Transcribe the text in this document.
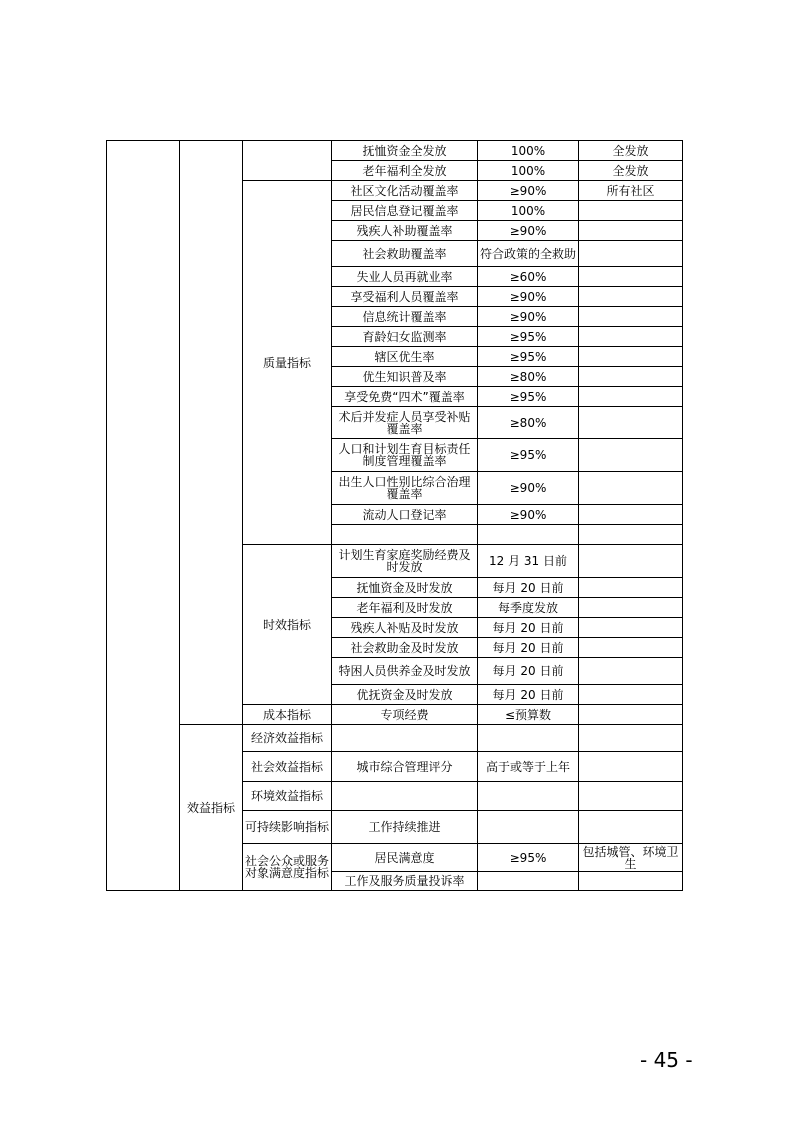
			抚恤资金全发放	100%	全发放
			老年福利全发放	100%	全发放
		质量指标	社区文化活动覆盖率	≥90%	所有社区
			居民信息登记覆盖率	100%	
			残疾人补助覆盖率	≥90%	
			社会救助覆盖率	符合政策的全救助	
			失业人员再就业率	≥60%	
			享受福利人员覆盖率	≥90%	
			信息统计覆盖率	≥90%	
			育龄妇女监测率	≥95%	
			辖区优生率	≥95%	
			优生知识普及率	≥80%	
			享受免费“四术”覆盖率	≥95%	
			术后并发症人员享受补贴覆盖率	≥80%	
			人口和计划生育目标责任制度管理覆盖率	≥95%	
			出生人口性别比综合治理覆盖率	≥90%	
			流动人口登记率	≥90%	

		时效指标	计划生育家庭奖励经费及时发放	12 月 31 日前	
			抚恤资金及时发放	每月 20 日前	
			老年福利及时发放	每季度发放	
			残疾人补贴及时发放	每月 20 日前	
			社会救助金及时发放	每月 20 日前	
			特困人员供养金及时发放	每月 20 日前	
			优抚资金及时发放	每月 20 日前	
		成本指标	专项经费	≤预算数	
	效益指标	经济效益指标			
		社会效益指标	城市综合管理评分	高于或等于上年	
		环境效益指标			
		可持续影响指标	工作持续推进		
		社会公众或服务对象满意度指标	居民满意度	≥95%	包括城管、环境卫生
			工作及服务质量投诉率		
- 45 -
